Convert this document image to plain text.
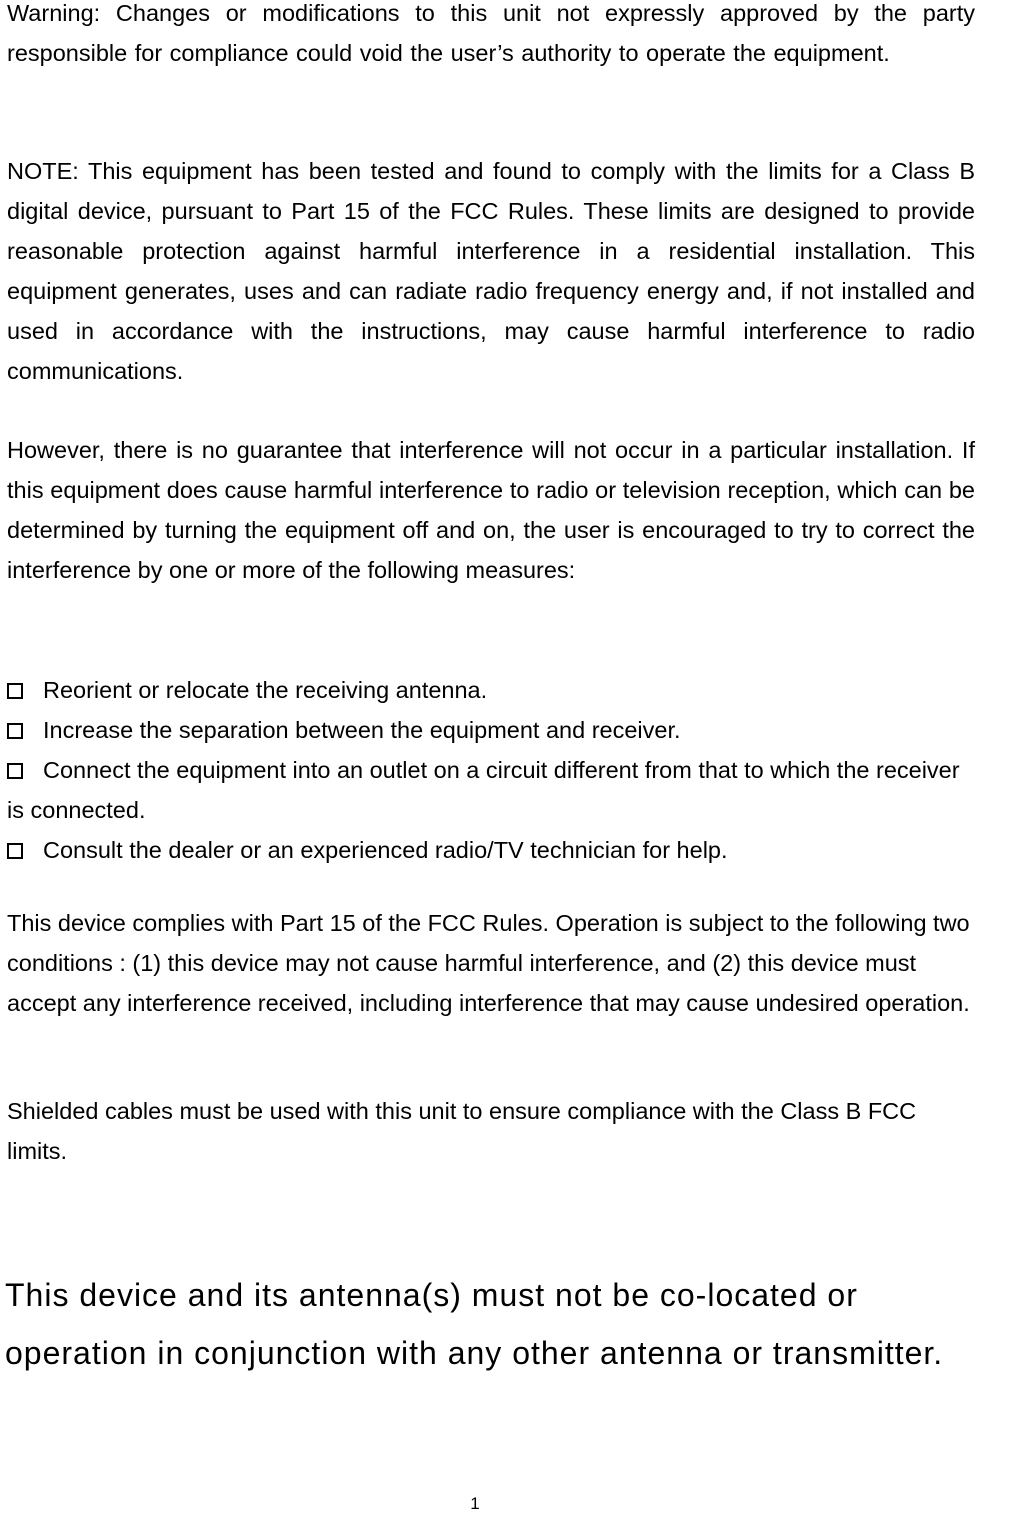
Warning: Changes or modifications to this unit not expressly approved by the party responsible for compliance could void the user’s authority to operate the equipment.

NOTE: This equipment has been tested and found to comply with the limits for a Class B digital device, pursuant to Part 15 of the FCC Rules. These limits are designed to provide reasonable protection against harmful interference in a residential installation. This equipment generates, uses and can radiate radio frequency energy and, if not installed and used in accordance with the instructions, may cause harmful interference to radio communications.

However, there is no guarantee that interference will not occur in a particular installation. If this equipment does cause harmful interference to radio or television reception, which can be determined by turning the equipment off and on, the user is encouraged to try to correct the interference by one or more of the following measures:

Reorient or relocate the receiving antenna.
Increase the separation between the equipment and receiver.
Connect the equipment into an outlet on a circuit different from that to which the receiver is connected.
Consult the dealer or an experienced radio/TV technician for help.

This device complies with Part 15 of the FCC Rules. Operation is subject to the following two conditions : (1) this device may not cause harmful interference, and (2) this device must accept any interference received, including interference that may cause undesired operation.

Shielded cables must be used with this unit to ensure compliance with the Class B FCC limits.

This device and its antenna(s) must not be co-located or
operation in conjunction with any other antenna or transmitter.

1
